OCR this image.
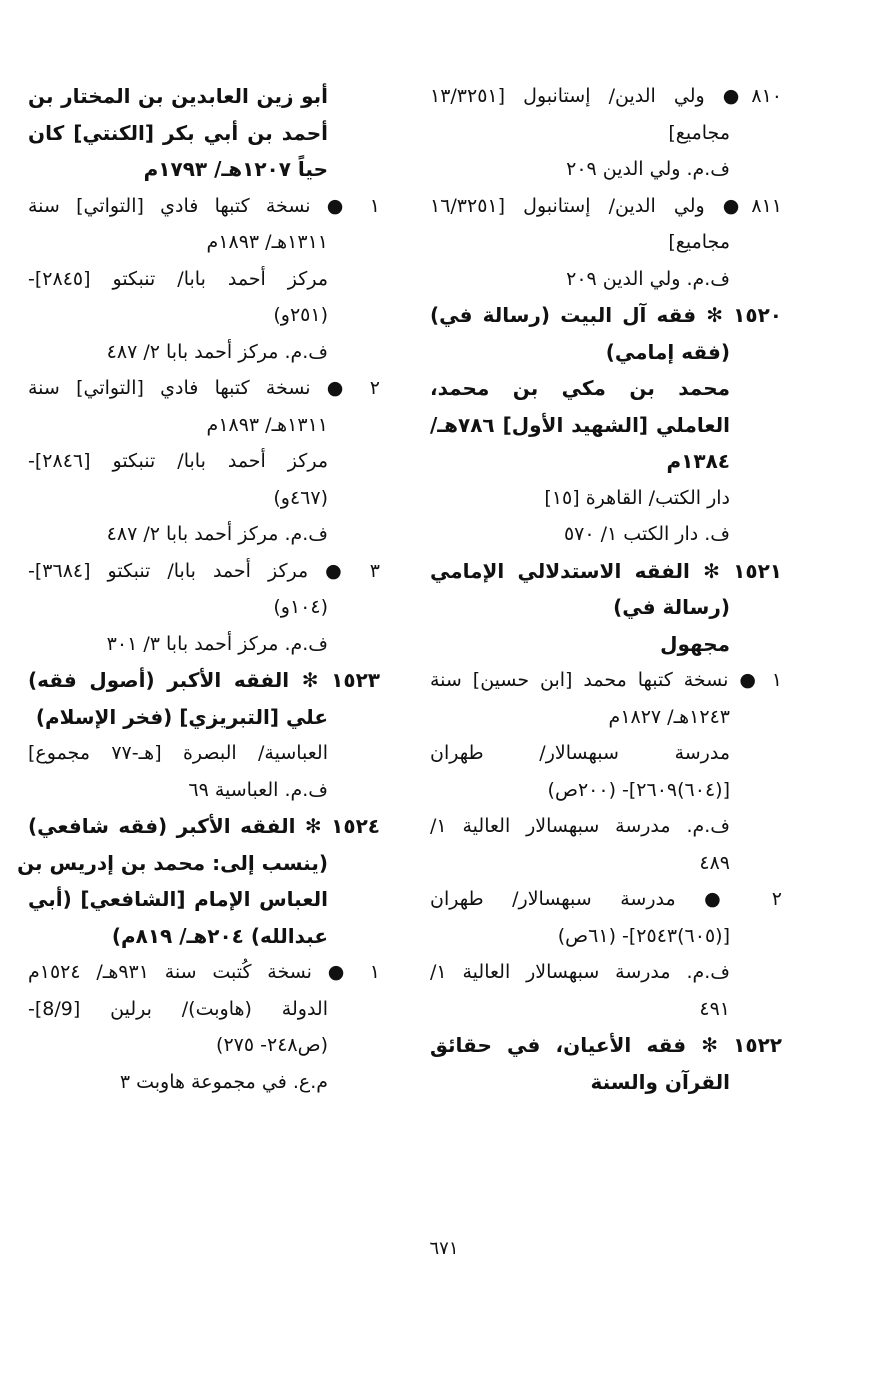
٨١٠● ولي الدين/ إستانبول [١٣/٣٢٥١
مجاميع]
ف.م. ولي الدين ٢٠٩
٨١١● ولي الدين/ إستانبول [١٦/٣٢٥١
مجاميع]
ف.م. ولي الدين ٢٠٩
١٥٢٠ ✻ فقه آل البيت (رسالة في)
(فقه إمامي)
محمد بن مكي بن محمد،
العاملي [الشهيد الأول] ٧٨٦هـ/
١٣٨٤م
دار الكتب/ القاهرة [١٥]
ف. دار الكتب ١/ ٥٧٠
١٥٢١ ✻ الفقه الاستدلالي الإمامي
(رسالة في)
مجهول
١ ● نسخة كتبها محمد [ابن حسين] سنة
١٢٤٣هـ/ ١٨٢٧م
مدرسة سبهسالار/ طهران
[(٦٠٤)٢٦٠٩]- (٢٠٠ص)
ف.م. مدرسة سبهسالار العالية ١/
٤٨٩
٢ ● مدرسة سبهسالار/ طهران
[(٦٠٥)٢٥٤٣]- (٦١ص)
ف.م. مدرسة سبهسالار العالية ١/
٤٩١
١٥٢٢ ✻ فقه الأعيان، في حقائق
القرآن والسنة
أبو زين العابدين بن المختار بن
أحمد بن أبي بكر [الكنتي] كان
حياً ١٢٠٧هـ/ ١٧٩٣م
١ ● نسخة كتبها فادي [التواتي] سنة
١٣١١هـ/ ١٨٩٣م
مركز أحمد بابا/ تنبكتو [٢٨٤٥]-
(٢٥١و)
ف.م. مركز أحمد بابا ٢/ ٤٨٧
٢ ● نسخة كتبها فادي [التواتي] سنة
١٣١١هـ/ ١٨٩٣م
مركز أحمد بابا/ تنبكتو [٢٨٤٦]-
(٤٦٧و)
ف.م. مركز أحمد بابا ٢/ ٤٨٧
٣ ● مركز أحمد بابا/ تنبكتو [٣٦٨٤]-
(١٠٤و)
ف.م. مركز أحمد بابا ٣/ ٣٠١
١٥٢٣ ✻ الفقه الأكبر (أصول فقه)
علي [التبريزي] (فخر الإسلام)
العباسية/ البصرة [هـ-٧٧ مجموع]
ف.م. العباسية ٦٩
١٥٢٤ ✻ الفقه الأكبر (فقه شافعي)
(ينسب إلى: محمد بن إدريس بن
العباس الإمام [الشافعي] (أبي
عبدالله) ٢٠٤هـ/ ٨١٩م)
١ ● نسخة كُتبت سنة ٩٣١هـ/ ١٥٢٤م
الدولة (هاوبت)/ برلين [8/9]-
(ص٢٤٨- ٢٧٥)
م.ع. في مجموعة هاوبت ٣
٦٧١
